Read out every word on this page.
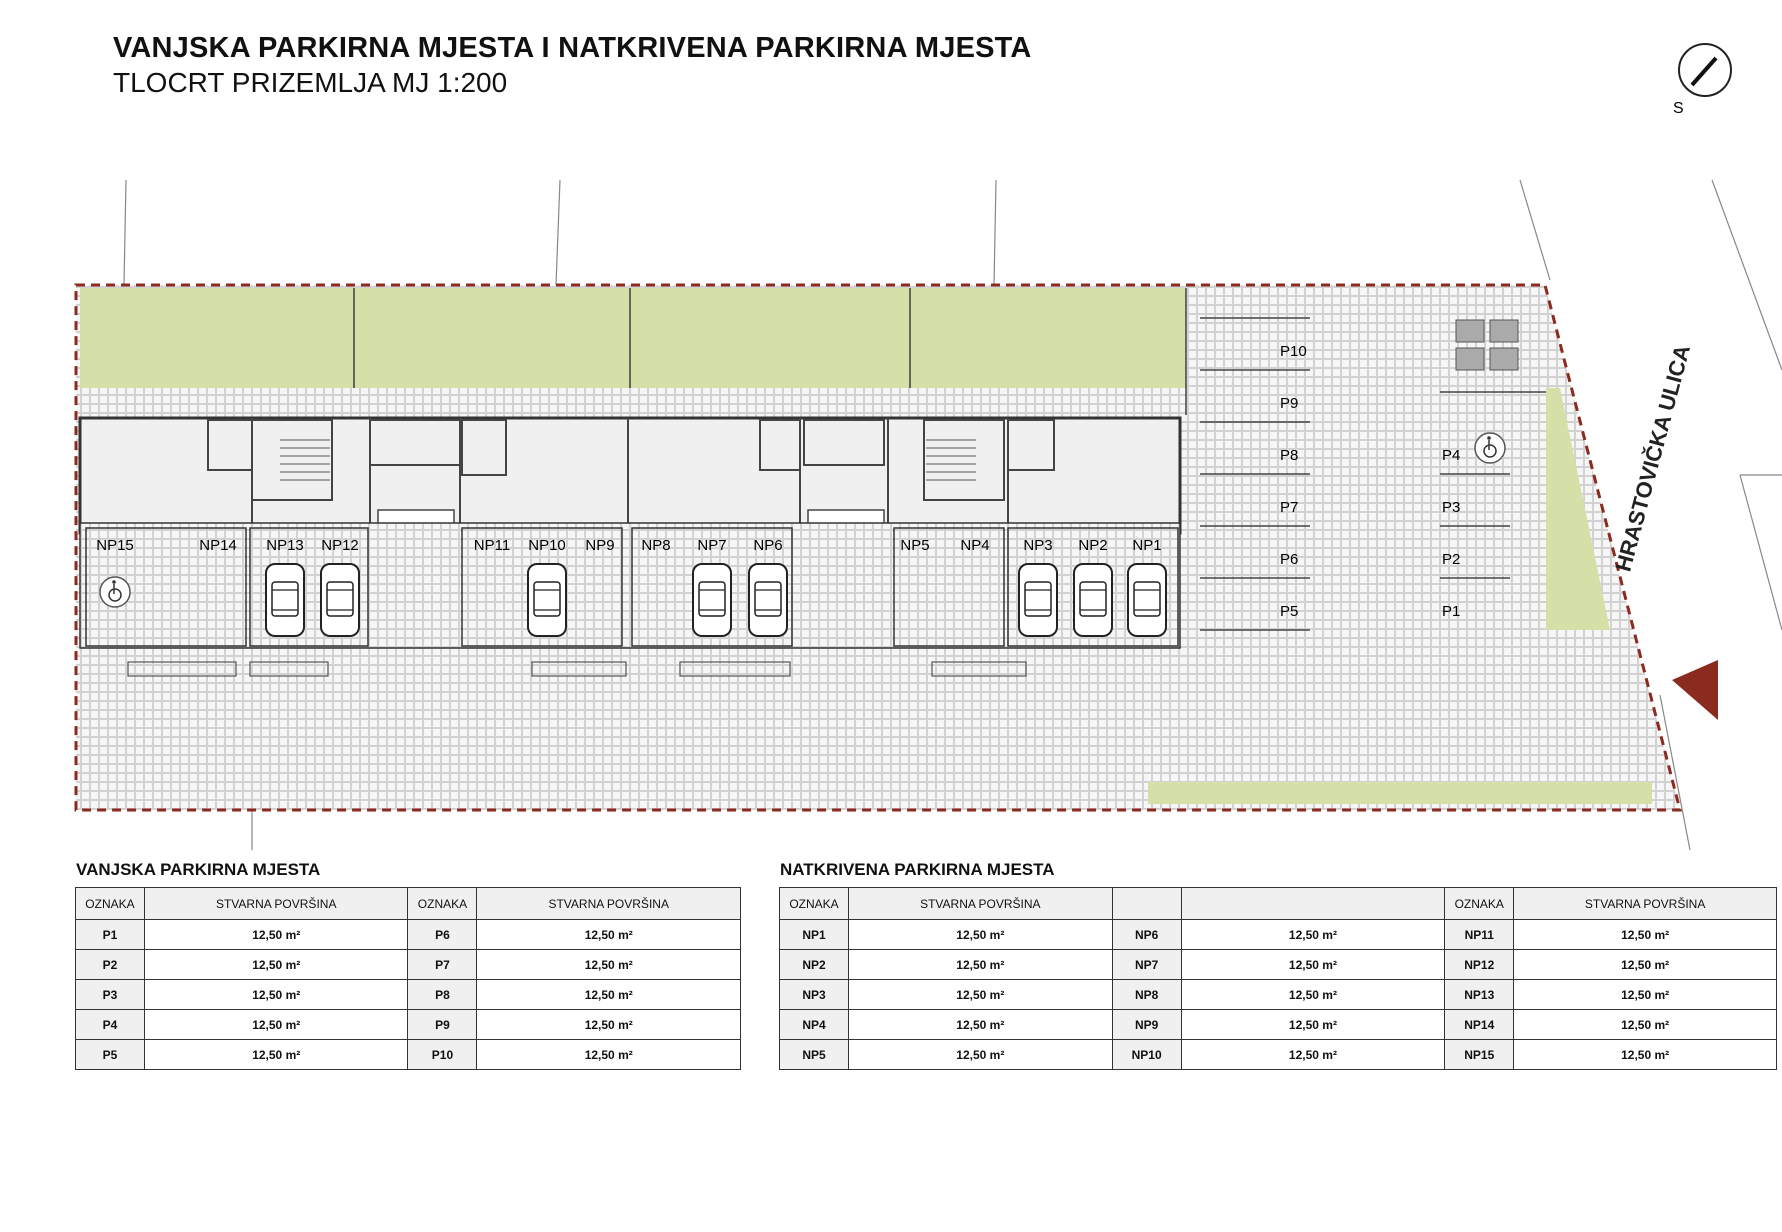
VANJSKA PARKIRNA MJESTA I NATKRIVENA PARKIRNA MJESTA
TLOCRT PRIZEMLJA MJ 1:200
S
HRASTOVIČKA ULICA
NP15	NP14 NP13 NP12	NP11 NP10 NP9 NP8 NP7 NP6	NP5 NP4 NP3 NP2 NP1
P10
P9
P8
P7
P6
P5
P4
P3
P2
P1
VANJSKA PARKIRNA MJESTA
OZNAKA	STVARNA POVRŠINA	OZNAKA	STVARNA POVRŠINA
P1	12,50 m²	P6	12,50 m²
P2	12,50 m²	P7	12,50 m²
P3	12,50 m²	P8	12,50 m²
P4	12,50 m²	P9	12,50 m²
P5	12,50 m²	P10	12,50 m²
NATKRIVENA PARKIRNA MJESTA
OZNAKA	STVARNA POVRŠINA			OZNAKA	STVARNA POVRŠINA
NP1	12,50 m²	NP6	12,50 m²	NP11	12,50 m²
NP2	12,50 m²	NP7	12,50 m²	NP12	12,50 m²
NP3	12,50 m²	NP8	12,50 m²	NP13	12,50 m²
NP4	12,50 m²	NP9	12,50 m²	NP14	12,50 m²
NP5	12,50 m²	NP10	12,50 m²	NP15	12,50 m²
